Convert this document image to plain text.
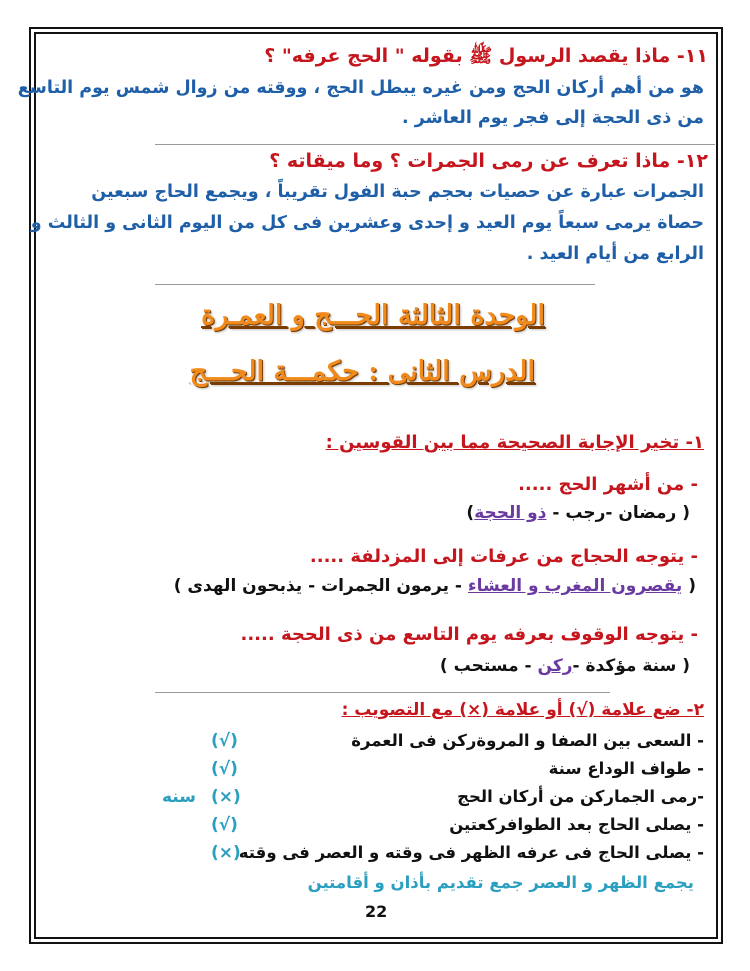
١١- ماذا يقصد الرسول ﷺ بقوله " الحج عرفه" ؟
هو من أهم أركان الحج ومن غيره يبطل الحج ، ووقته من زوال شمس يوم التاسع
من ذى الحجة إلى فجر يوم العاشر .
١٢- ماذا تعرف عن رمى الجمرات ؟ وما ميقاته ؟
الجمرات عبارة عن حصيات بحجم حبة الفول تقريباً ، ويجمع الحاج سبعين
حصاة يرمى سبعاً يوم العيد و إحدى وعشرين فى كل من اليوم الثانى و الثالث و
الرابع من أيام العيد .
الوحدة الثالثة الحـــج و العمـرة
الدرس الثانى : حكمـــة الحـــج
١- تخير الإجابة الصحيحة مما بين القوسين :
- من أشهر الحج .....
( رمضان -رجب - ذو الحجة)
- يتوجه الحجاج من عرفات إلى المزدلفة .....
( يقصرون المغرب و العشاء - يرمون الجمرات - يذبحون الهدى )
- يتوجه الوقوف بعرفه يوم التاسع من ذى الحجة .....
( سنة مؤكدة -ركن - مستحب )
٢- ضع علامة (√) أو علامة (×) مع التصويب :
- السعى بين الصفا و المروةركن فى العمرة
(√)
- طواف الوداع سنة
(√)
-رمى الجماركن من أركان الحج
(×)
سنه
- يصلى الحاج بعد الطوافركعتين
(√)
- يصلى الحاج فى عرفه الظهر فى وقته و العصر فى وقته
(×)
يجمع الظهر و العصر جمع تقديم بأذان و أقامتين
22
